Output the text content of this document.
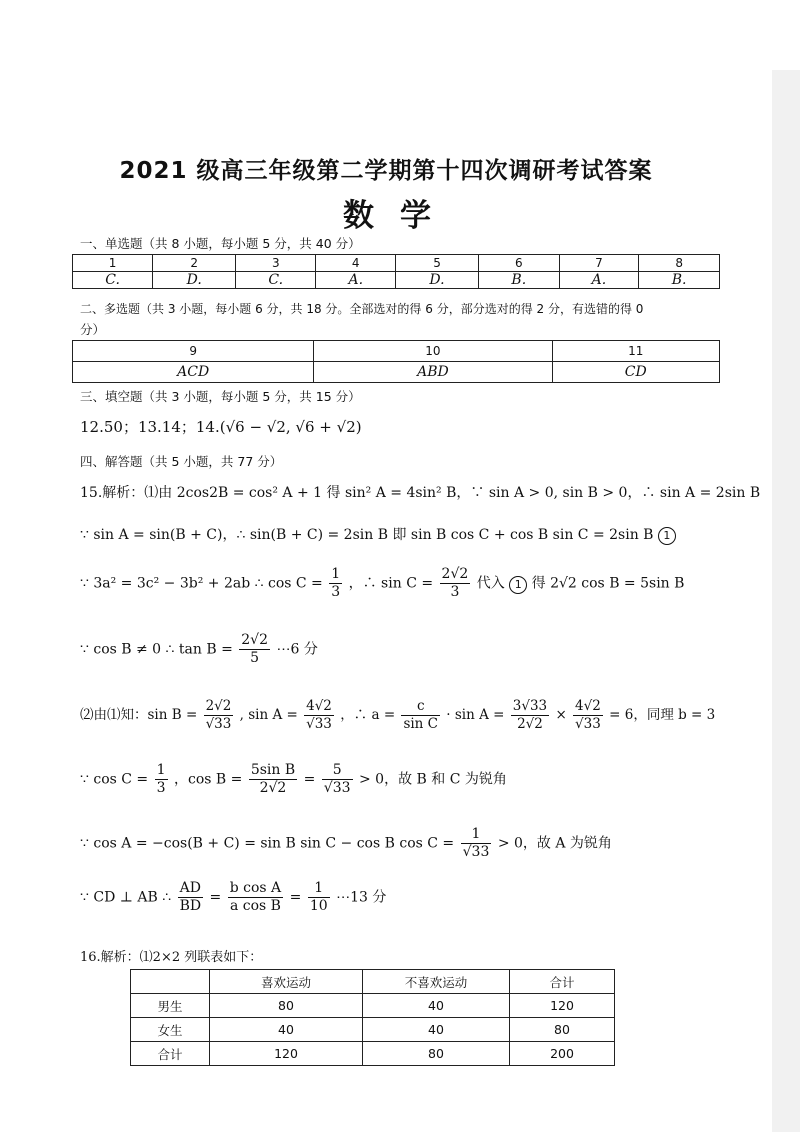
2021 级高三年级第二学期第十四次调研考试答案
数学
一、单选题（共 8 小题，每小题 5 分，共 40 分）
1	2	3	4	5	6	7	8
C.	D.	C.	A.	D.	B.	A.	B.
二、多选题（共 3 小题，每小题 6 分，共 18 分。全部选对的得 6 分，部分选对的得 2 分，有选错的得 0
分）
9	10	11
ACD	ABD	CD
三、填空题（共 3 小题，每小题 5 分，共 15 分）
12.50；13.14；14.(√6 − √2, √6 + √2)
四、解答题（共 5 小题，共 77 分）
15.解析：⑴由 2cos2B = cos² A + 1 得 sin² A = 4sin² B，∵ sin A > 0, sin B > 0，∴ sin A = 2sin B
∵ sin A = sin(B + C)，∴ sin(B + C) = 2sin B 即 sin B cos C + cos B sin C = 2sin B 1
∵ 3a² = 3c² − 3b² + 2ab ∴ $\cos C = \frac{1}{3}$ ，∴ $\sin C = \frac{2√2}{3}$ 代入 1 得 2√2 cos B = 5sin B
∵ cos B ≠ 0 ∴ $\tan B = \frac{2√2}{5}$ ⋯6 分
⑵由⑴知：$\sin B = \frac{2√2}{√33}$ , $\sin A = \frac{4√2}{√33}$ ，∴ $a = \frac{c}{\text{sin C}} \cdot \sin A = \frac{3√33}{2√2} \times \frac{4√2}{√33} = 6$，同理 b = 3
∵ $\cos C = \frac{1}{3}$ ，$\cos B = \frac{\text{5sin B}}{2√2} = \frac{5}{√33} > 0$，故 B 和 C 为锐角
∵ cos A = −cos(B + C) = sin B sin C − cos B $\cos C = \frac{1}{√33} > 0$，故 A 为锐角
∵ CD ⊥ AB ∴ $\frac{AD}{BD} = \frac{\text{b cos A}}{\text{a cos B}} = \frac{1}{10}$ ⋯13 分
16.解析：⑴2×2 列联表如下：
	喜欢运动	不喜欢运动	合计
男生	80	40	120
女生	40	40	80
合计	120	80	200
